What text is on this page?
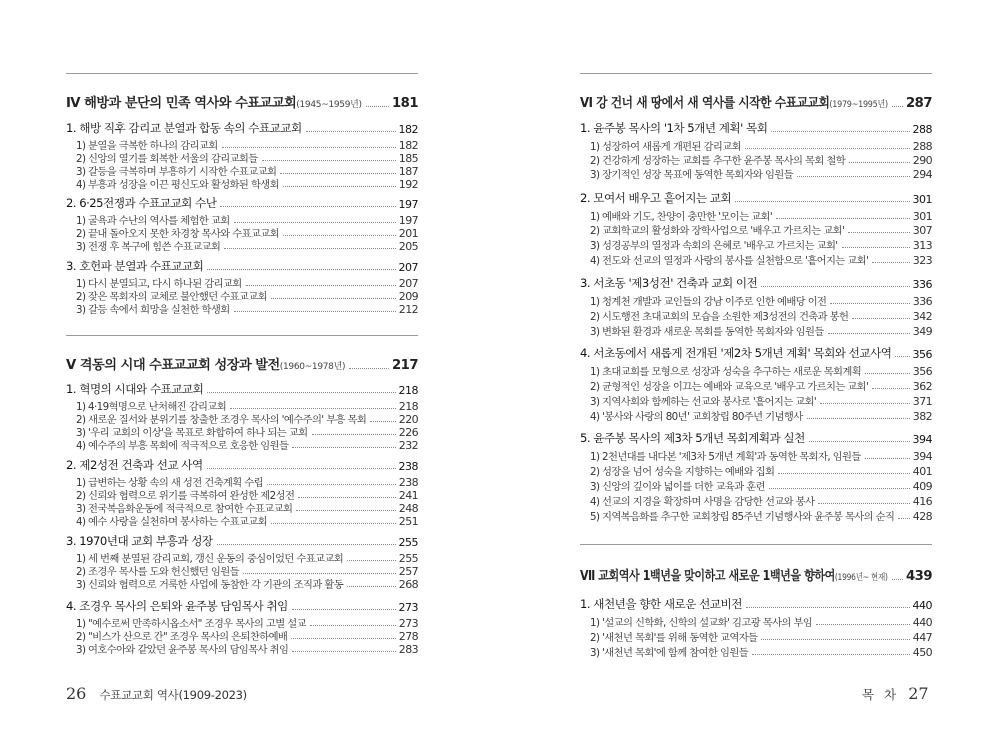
Ⅳ 해방과 분단의 민족 역사와 수표교교회(1945~1959년) 181
1. 해방 직후 감리교 분열과 합동 속의 수표교교회	182
1) 분열을 극복한 하나의 감리교회	182
2) 신앙의 열기를 회복한 서울의 감리교회들	185
3) 갈등을 극복하며 부흥하기 시작한 수표교교회	187
4) 부흥과 성장을 이끈 평신도와 활성화된 학생회	192
2. 6·25전쟁과 수표교교회 수난	197
1) 굴욕과 수난의 역사를 체험한 교회	197
2) 끝내 돌아오지 못한 차경창 목사와 수표교교회	201
3) 전쟁 후 복구에 힘쓴 수표교교회	205
3. 호헌파 분열과 수표교교회	207
1) 다시 분열되고, 다시 하나된 감리교회	207
2) 잦은 목회자의 교체로 불안했던 수표교교회	209
3) 갈등 속에서 희망을 실천한 학생회	212
Ⅴ 격동의 시대 수표교교회 성장과 발전(1960~1978년)	217
1. 혁명의 시대와 수표교교회	218
1) 4·19혁명으로 난처해진 감리교회	218
2) 새로운 질서와 분위기를 창출한 조경우 목사의 '예수주의' 부흥 목회	220
3) '우리 교회의 이상'을 목표로 화합하여 하나 되는 교회	226
4) 예수주의 부흥 목회에 적극적으로 호응한 임원들	232
2. 제2성전 건축과 선교 사역	238
1) 급변하는 상황 속의 새 성전 건축계획 수립	238
2) 신뢰와 협력으로 위기를 극복하여 완성한 제2성전	241
3) 전국복음화운동에 적극적으로 참여한 수표교교회	248
4) 예수 사랑을 실천하며 봉사하는 수표교교회	251
3. 1970년대 교회 부흥과 성장	255
1) 세 번째 분열된 감리교회, 갱신 운동의 중심이었던 수표교교회	255
2) 조경우 목사를 도와 헌신했던 임원들	257
3) 신뢰와 협력으로 거룩한 사업에 동참한 각 기관의 조직과 활동	268
4. 조경우 목사의 은퇴와 윤주봉 담임목사 취임	273
1) "예수로써 만족하시옵소서" 조경우 목사의 고별 설교	273
2) "비스가 산으로 간" 조경우 목사의 은퇴찬하예배	278
3) 여호수아와 같았던 윤주봉 목사의 담임목사 취임	283
26 수표교교회 역사(1909-2023)
Ⅵ 강 건너 새 땅에서 새 역사를 시작한 수표교교회(1979~1995년) 287
1. 윤주봉 목사의 '1차 5개년 계획' 목회	288
1) 성장하여 새롭게 개편된 감리교회	288
2) 건강하게 성장하는 교회를 추구한 윤주봉 목사의 목회 철학	290
3) 장기적인 성장 목표에 동역한 목회자와 임원들	294
2. 모여서 배우고 흩어지는 교회	301
1) 예배와 기도, 찬양이 충만한 '모이는 교회'	301
2) 교회학교의 활성화와 장학사업으로 '배우고 가르치는 교회'	307
3) 성경공부의 열정과 속회의 은혜로 '배우고 가르치는 교회'	313
4) 전도와 선교의 열정과 사랑의 봉사를 실천함으로 '흩어지는 교회'	323
3. 서초동 '제3성전' 건축과 교회 이전	336
1) 청계천 개발과 교인들의 강남 이주로 인한 예배당 이전	336
2) 시도행전 초대교회의 모습을 소원한 제3성전의 건축과 봉헌	342
3) 변화된 환경과 새로운 목회를 동역한 목회자와 임원들	349
4. 서초동에서 새롭게 전개된 '제2차 5개년 계획' 목회와 선교사역 356
1) 초대교회를 모형으로 성장과 성숙을 추구하는 새로운 목회계획	356
2) 균형적인 성장을 이끄는 예배와 교육으로 '배우고 가르치는 교회'	362
3) 지역사회와 함께하는 선교와 봉사로 '흩어지는 교회'	371
4) '봉사와 사랑의 80년' 교회창립 80주년 기념행사	382
5. 윤주봉 목사의 제3차 5개년 목회계획과 실천	394
1) 2천년대를 내다본 '제3차 5개년 계획'과 동역한 목회자, 임원들	394
2) 성장을 넘어 성숙을 지향하는 예배와 집회	401
3) 신앙의 깊이와 넓이를 더한 교육과 훈련	409
4) 선교의 지경을 확장하며 사명을 감당한 선교와 봉사	416
5) 지역복음화를 추구한 교회창립 85주년 기념행사와 윤주봉 목사의 순직 428
Ⅶ 교회역사 1백년을 맞이하고 새로운 1백년을 향하여(1996년~ 현재) 439
1. 새천년을 향한 새로운 선교비전	440
1) '설교의 신학화, 신학의 설교화' 김고광 목사의 부임	440
2) '새천년 목회'를 위해 동역한 교역자들	447
3) '새천년 목회'에 함께 참여한 임원들	450
목 차 27
